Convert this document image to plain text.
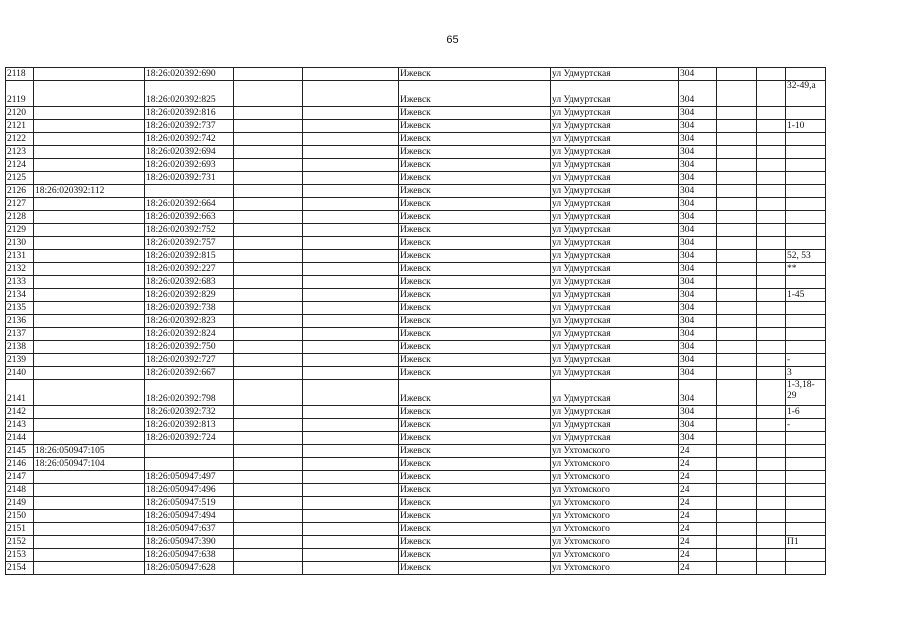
65
2118		18:26:020392:690			Ижевск	ул Удмуртская	304			
2119		18:26:020392:825			Ижевск	ул Удмуртская	304			32-49,а
2120		18:26:020392:816			Ижевск	ул Удмуртская	304			
2121		18:26:020392:737			Ижевск	ул Удмуртская	304			1-10
2122		18:26:020392:742			Ижевск	ул Удмуртская	304			
2123		18:26:020392:694			Ижевск	ул Удмуртская	304			
2124		18:26:020392:693			Ижевск	ул Удмуртская	304			
2125		18:26:020392:731			Ижевск	ул Удмуртская	304			
2126	18:26:020392:112				Ижевск	ул Удмуртская	304			
2127		18:26:020392:664			Ижевск	ул Удмуртская	304			
2128		18:26:020392:663			Ижевск	ул Удмуртская	304			
2129		18:26:020392:752			Ижевск	ул Удмуртская	304			
2130		18:26:020392:757			Ижевск	ул Удмуртская	304			
2131		18:26:020392:815			Ижевск	ул Удмуртская	304			52, 53
2132		18:26:020392:227			Ижевск	ул Удмуртская	304			**
2133		18:26:020392:683			Ижевск	ул Удмуртская	304			
2134		18:26:020392:829			Ижевск	ул Удмуртская	304			1-45
2135		18:26:020392:738			Ижевск	ул Удмуртская	304			
2136		18:26:020392:823			Ижевск	ул Удмуртская	304			
2137		18:26:020392:824			Ижевск	ул Удмуртская	304			
2138		18:26:020392:750			Ижевск	ул Удмуртская	304			
2139		18:26:020392:727			Ижевск	ул Удмуртская	304			-
2140		18:26:020392:667			Ижевск	ул Удмуртская	304			3
2141		18:26:020392:798			Ижевск	ул Удмуртская	304			1-3,18-29
2142		18:26:020392:732			Ижевск	ул Удмуртская	304			1-6
2143		18:26:020392:813			Ижевск	ул Удмуртская	304			-
2144		18:26:020392:724			Ижевск	ул Удмуртская	304			
2145	18:26:050947:105				Ижевск	ул Ухтомского	24			
2146	18:26:050947:104				Ижевск	ул Ухтомского	24			
2147		18:26:050947:497			Ижевск	ул Ухтомского	24			
2148		18:26:050947:496			Ижевск	ул Ухтомского	24			
2149		18:26:050947:519			Ижевск	ул Ухтомского	24			
2150		18:26:050947:494			Ижевск	ул Ухтомского	24			
2151		18:26:050947:637			Ижевск	ул Ухтомского	24			
2152		18:26:050947:390			Ижевск	ул Ухтомского	24			П1
2153		18:26:050947:638			Ижевск	ул Ухтомского	24			
2154		18:26:050947:628			Ижевск	ул Ухтомского	24			
